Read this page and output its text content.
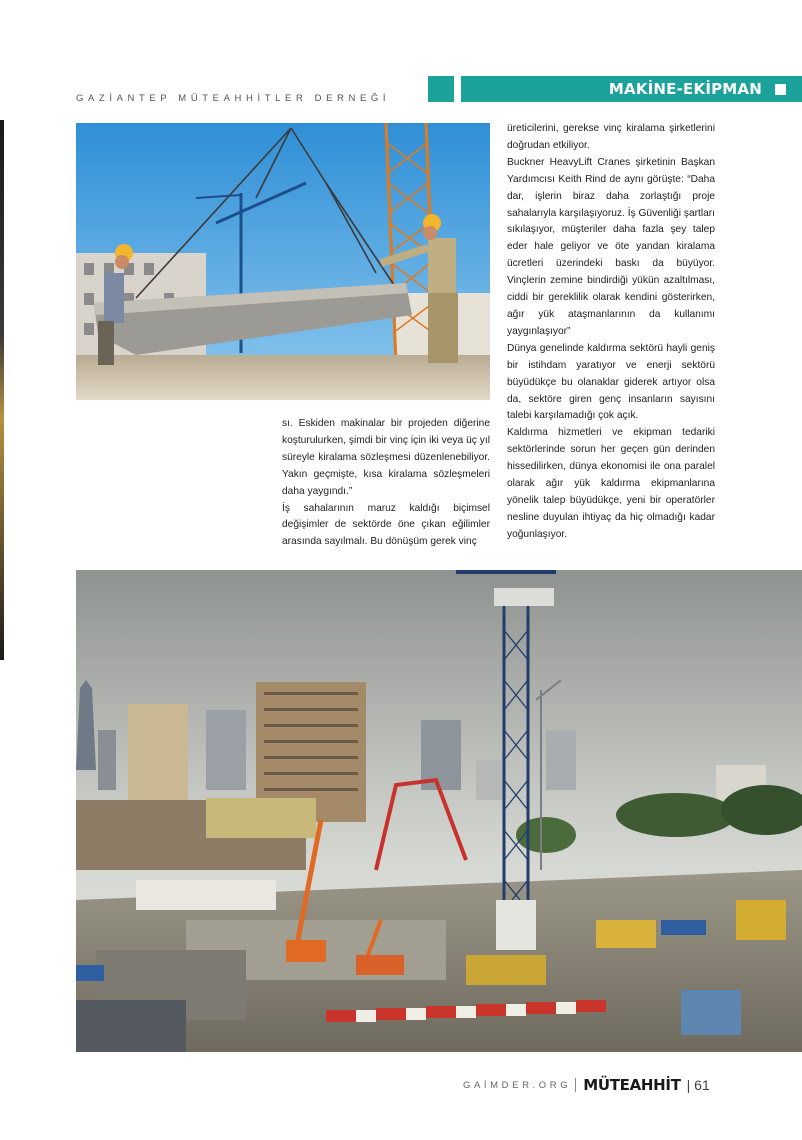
GAZİANTEP MÜTEAHHİTLER DERNEĞİ
MAKİNE-EKİPMAN

üreticilerini, gerekse vinç kiralama şirketlerini doğrudan etkiliyor.

Buckner HeavyLift Cranes şirketinin Başkan Yardımcısı Keith Rind de aynı görüşte: “Daha dar, işlerin biraz daha zorlaştığı proje sahalarıyla karşılaşıyoruz. İş Güvenliği şartları sıkılaşıyor, müşteriler daha fazla şey talep eder hale geliyor ve öte yandan kiralama ücretleri üzerindeki baskı da büyüyor. Vinçlerin zemine bindirdiği yükün azaltılması, ciddi bir gereklilik olarak kendini gösterirken, ağır yük ataşmanlarının da kullanımı yaygınlaşıyor”

Dünya genelinde kaldırma sektörü hayli geniş bir istihdam yaratıyor ve enerji sektörü büyüdükçe bu olanaklar giderek artıyor olsa da, sektöre giren genç insanların sayısını talebi karşılamadığı çok açık.

Kaldırma hizmetleri ve ekipman tedariki sektörlerinde sorun her geçen gün derinden hissedilirken, dünya ekonomisi ile ona paralel olarak ağır yük kaldırma ekipmanlarına yönelik talep büyüdükçe, yeni bir operatörler nesline duyulan ihtiyaç da hiç olmadığı kadar yoğunlaşıyor.

sı. Eskiden makinalar bir projeden diğerine koşturulurken, şimdi bir vinç için iki veya üç yıl süreyle kiralama sözleşmesi düzenlenebiliyor. Yakın geçmişte, kısa kiralama sözleşmeleri daha yaygındı.”

İş sahalarının maruz kaldığı biçimsel değişimler de sektörde öne çıkan eğilimler arasında sayılmalı. Bu dönüşüm gerek vinç

GAİMDER.ORG MÜTEAHHİT | 61
